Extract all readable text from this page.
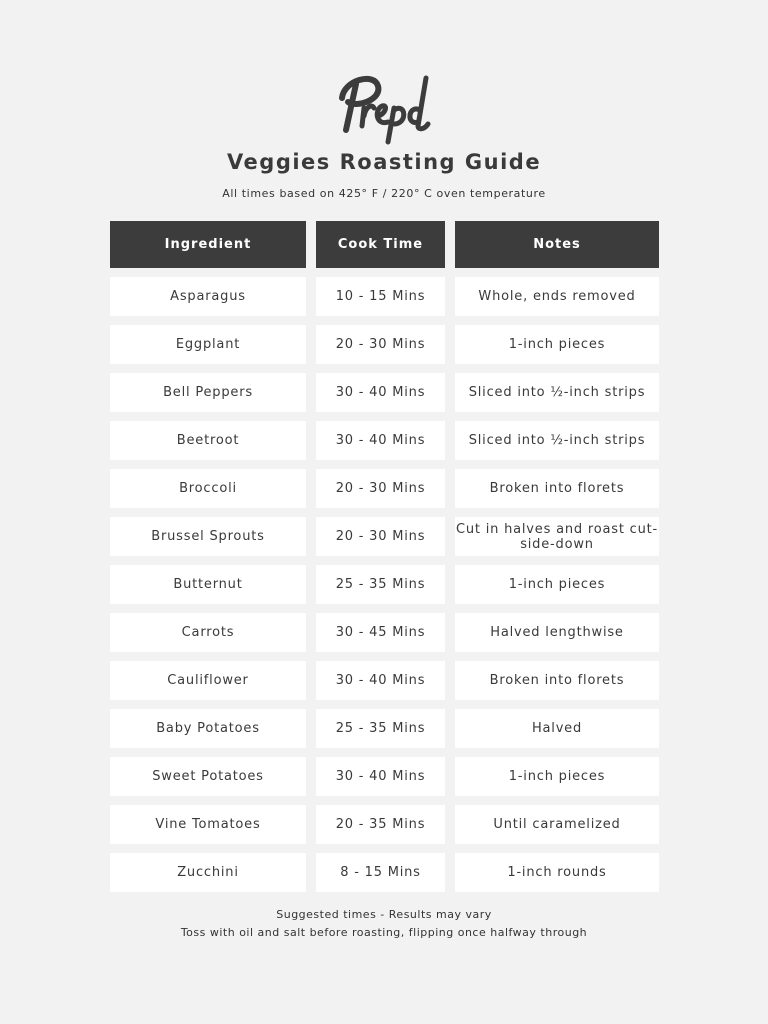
Veggies Roasting Guide
All times based on 425° F / 220° C oven temperature
Ingredient	Cook Time	Notes
Asparagus	10 - 15 Mins	Whole, ends removed
Eggplant	20 - 30 Mins	1-inch pieces
Bell Peppers	30 - 40 Mins	Sliced into ½-inch strips
Beetroot	30 - 40 Mins	Sliced into ½-inch strips
Broccoli	20 - 30 Mins	Broken into florets
Brussel Sprouts	20 - 30 Mins	Cut in halves and roast cut-side-down
Butternut	25 - 35 Mins	1-inch pieces
Carrots	30 - 45 Mins	Halved lengthwise
Cauliflower	30 - 40 Mins	Broken into florets
Baby Potatoes	25 - 35 Mins	Halved
Sweet Potatoes	30 - 40 Mins	1-inch pieces
Vine Tomatoes	20 - 35 Mins	Until caramelized
Zucchini	8 - 15 Mins	1-inch rounds
Suggested times - Results may vary
Toss with oil and salt before roasting, flipping once halfway through
